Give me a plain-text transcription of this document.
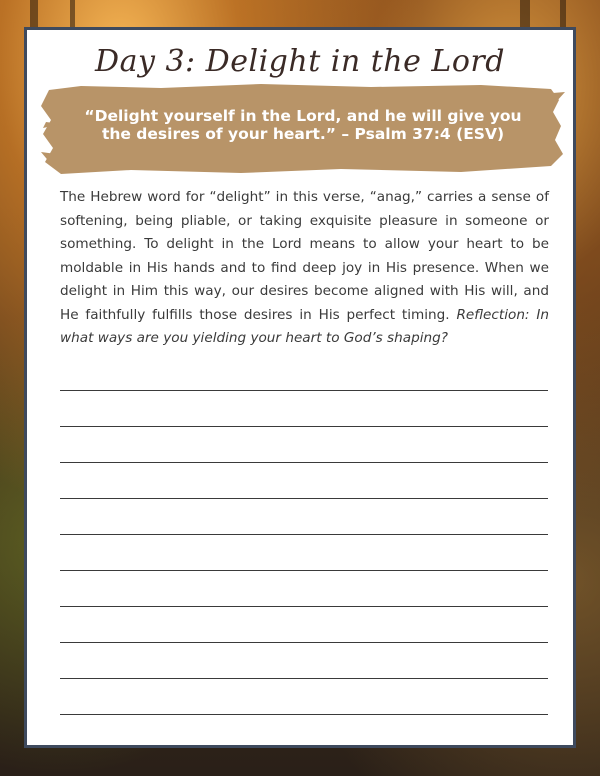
Day 3: Delight in the Lord
“Delight yourself in the Lord, and he will give you the desires of your heart.” – Psalm 37:4 (ESV)
The Hebrew word for “delight” in this verse, “anag,” carries a sense of softening, being pliable, or taking exquisite pleasure in someone or something. To delight in the Lord means to allow your heart to be moldable in His hands and to find deep joy in His presence. When we delight in Him this way, our desires become aligned with His will, and He faithfully fulfills those desires in His perfect timing. Reflection: In what ways are you yielding your heart to God’s shaping?
